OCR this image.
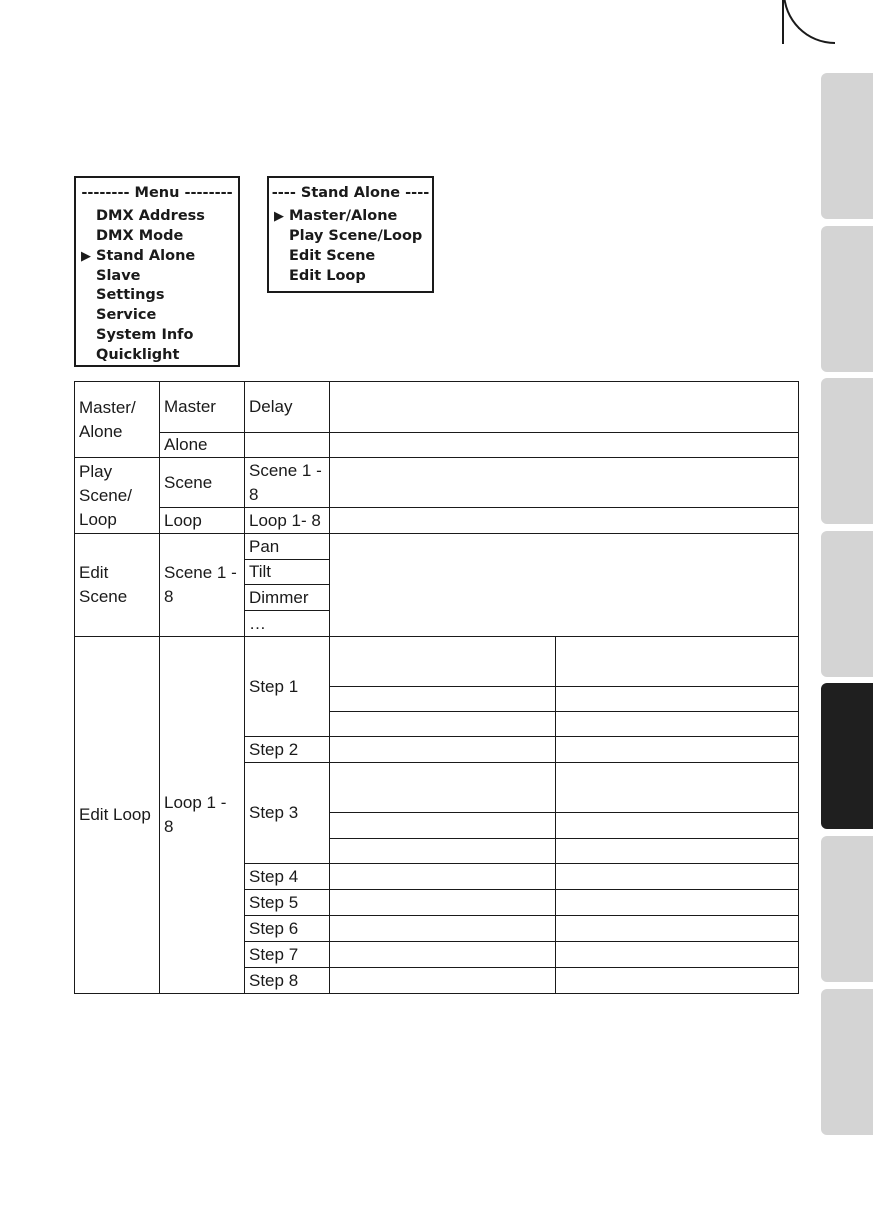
-------- Menu --------
DMX Address
DMX Mode
▶ Stand Alone
Slave
Settings
Service
System Info
Quicklight
---- Stand Alone ----
▶ Master/Alone
Play Scene/Loop
Edit Scene
Edit Loop
Master/ Alone	Master	Delay		
	Alone			
Play Scene/ Loop	Scene	Scene 1 - 8		
	Loop	Loop 1- 8		
Edit Scene	Scene 1 - 8	Pan		
		Tilt		
		Dimmer		
		…		
Edit Loop	Loop 1 - 8	Step 1		

		Step 2		
		Step 3		

		Step 4		
		Step 5		
		Step 6		
		Step 7		
		Step 8		
